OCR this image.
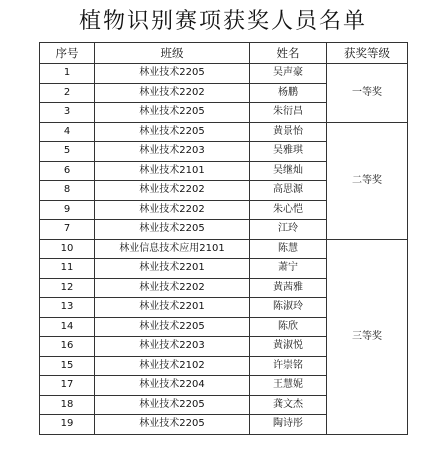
植物识别赛项获奖人员名单
序号	班级	姓名	获奖等级
1	林业技术2205	吴声豪	一等奖
2	林业技术2202	杨鹏	
3	林业技术2205	朱衍昌	
4	林业技术2205	黄景怡	二等奖
5	林业技术2203	吴雅琪	
6	林业技术2101	吴继灿	
8	林业技术2202	高思源	
9	林业技术2202	朱心恺	
7	林业技术2205	江玲	
10	林业信息技术应用2101	陈慧	三等奖
11	林业技术2201	萧宁	
12	林业技术2202	黄茜雅	
13	林业技术2201	陈淑玲	
14	林业技术2205	陈欣	
16	林业技术2203	黄淑悦	
15	林业技术2102	许崇铭	
17	林业技术2204	王慧妮	
18	林业技术2205	龚文杰	
19	林业技术2205	陶诗彤	
